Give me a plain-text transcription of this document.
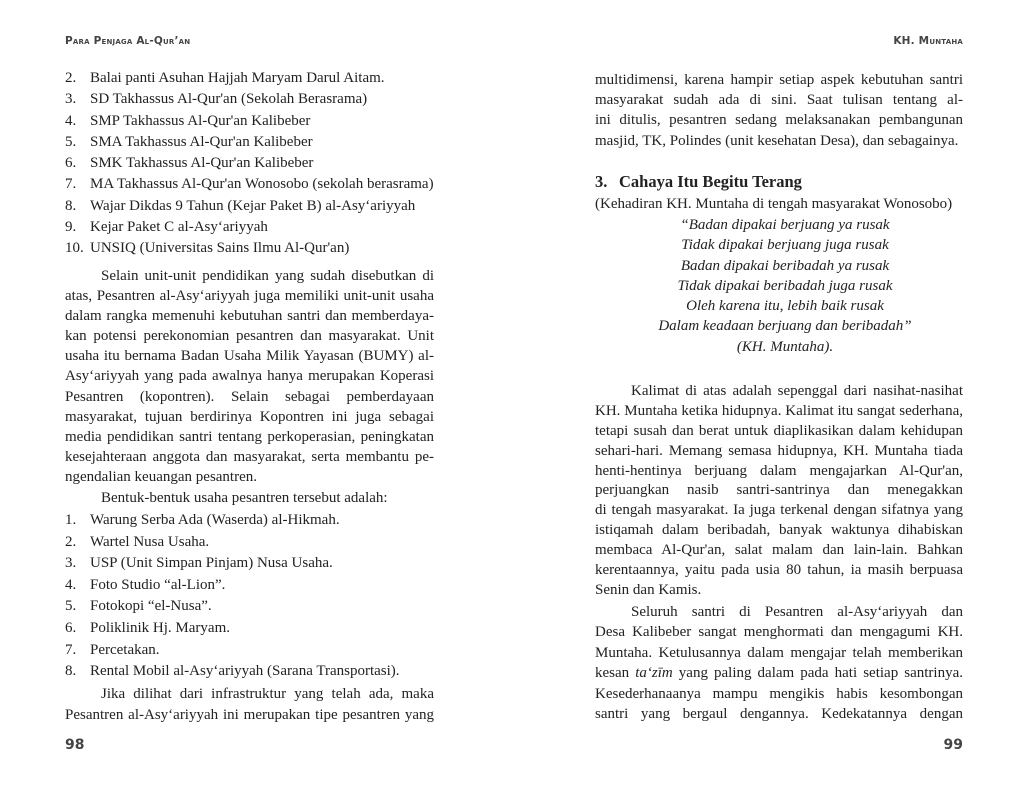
Para Penjaga Al-Qur’an	KH. Muntaha
2. Balai panti Asuhan Hajjah Maryam Darul Aitam.
3. SD Takhassus Al-Qur'an (Sekolah Berasrama)
4. SMP Takhassus Al-Qur'an Kalibeber
5. SMA Takhassus Al-Qur'an Kalibeber
6. SMK Takhassus Al-Qur'an Kalibeber
7. MA Takhassus Al-Qur'an Wonosobo (sekolah berasrama)
8. Wajar Dikdas 9 Tahun (Kejar Paket B) al-Asy‘ariyyah
9. Kejar Paket C al-Asy‘ariyyah
10. UNSIQ (Universitas Sains Ilmu Al-Qur'an)
Selain unit-unit pendidikan yang sudah disebutkan di
atas, Pesantren al-Asy‘ariyyah juga memiliki unit-unit usaha
dalam rangka memenuhi kebutuhan santri dan memberdaya-
kan potensi perekonomian pesantren dan masyarakat. Unit
usaha itu bernama Badan Usaha Milik Yayasan (BUMY) al-
Asy‘ariyyah yang pada awalnya hanya merupakan Koperasi
Pesantren (kopontren). Selain sebagai pemberdayaan
masyarakat, tujuan berdirinya Kopontren ini juga sebagai
media pendidikan santri tentang perkoperasian, peningkatan
kesejahteraan anggota dan masyarakat, serta membantu pe-
ngendalian keuangan pesantren.
Bentuk-bentuk usaha pesantren tersebut adalah:
1. Warung Serba Ada (Waserda) al-Hikmah.
2. Wartel Nusa Usaha.
3. USP (Unit Simpan Pinjam) Nusa Usaha.
4. Foto Studio “al-Lion”.
5. Fotokopi “el-Nusa”.
6. Poliklinik Hj. Maryam.
7. Percetakan.
8. Rental Mobil al-Asy‘ariyyah (Sarana Transportasi).
Jika dilihat dari infrastruktur yang telah ada, maka
Pesantren al-Asy‘ariyyah ini merupakan tipe pesantren yang
98
multidimensi, karena hampir setiap aspek kebutuhan santri
masyarakat sudah ada di sini. Saat tulisan tentang al-
ini ditulis, pesantren sedang melaksanakan pembangunan
masjid, TK, Polindes (unit kesehatan Desa), dan sebagainya.
3. Cahaya Itu Begitu Terang
(Kehadiran KH. Muntaha di tengah masyarakat Wonosobo)
“Badan dipakai berjuang ya rusak
Tidak dipakai berjuang juga rusak
Badan dipakai beribadah ya rusak
Tidak dipakai beribadah juga rusak
Oleh karena itu, lebih baik rusak
Dalam keadaan berjuang dan beribadah”
(KH. Muntaha).
Kalimat di atas adalah sepenggal dari nasihat-nasihat
KH. Muntaha ketika hidupnya. Kalimat itu sangat sederhana,
tetapi susah dan berat untuk diaplikasikan dalam kehidupan
sehari-hari. Memang semasa hidupnya, KH. Muntaha tiada
henti-hentinya berjuang dalam mengajarkan Al-Qur'an,
perjuangkan nasib santri-santrinya dan menegakkan
di tengah masyarakat. Ia juga terkenal dengan sifatnya yang
istiqamah dalam beribadah, banyak waktunya dihabiskan
membaca Al-Qur'an, salat malam dan lain-lain. Bahkan
kerentaannya, yaitu pada usia 80 tahun, ia masih berpuasa
Senin dan Kamis.
Seluruh santri di Pesantren al-Asy‘ariyyah dan
Desa Kalibeber sangat menghormati dan mengagumi KH.
Muntaha. Ketulusannya dalam mengajar telah memberikan
kesan ta‘zīm yang paling dalam pada hati setiap santrinya.
Kesederhanaanya mampu mengikis habis kesombongan
santri yang bergaul dengannya. Kedekatannya dengan
99
